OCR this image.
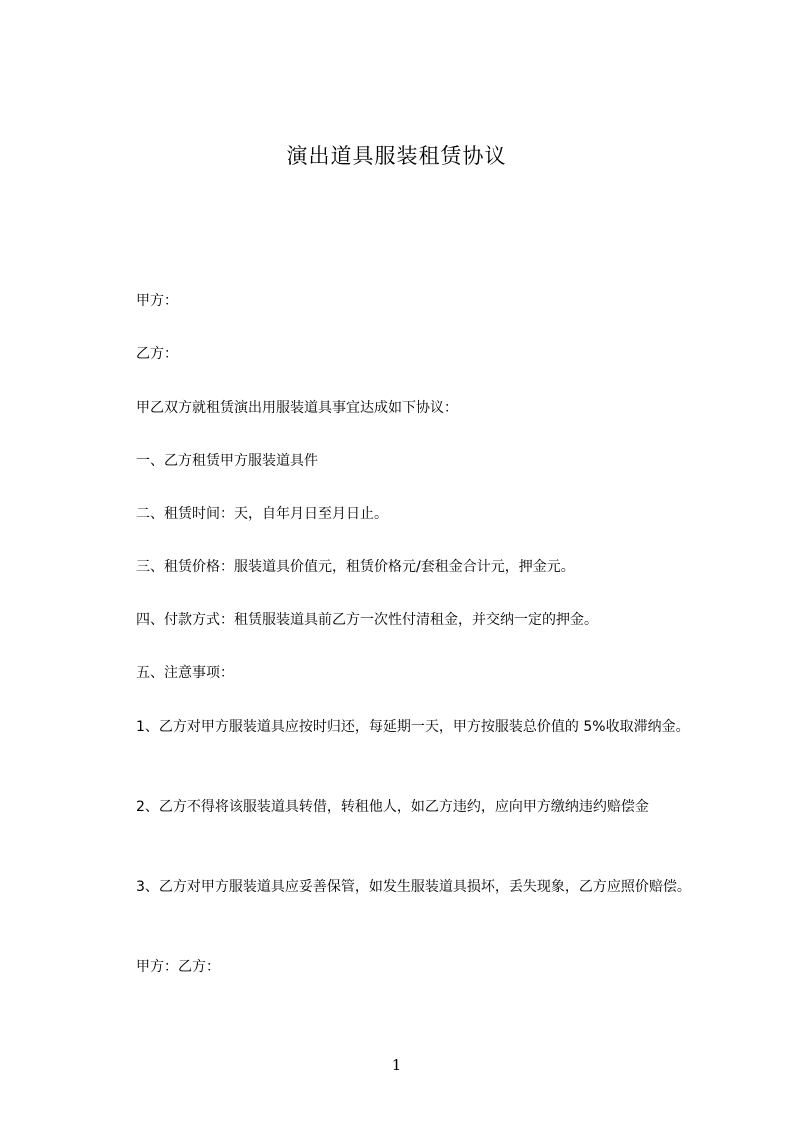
演出道具服装租赁协议

甲方：

乙方：

甲乙双方就租赁演出用服装道具事宜达成如下协议：

一、乙方租赁甲方服装道具件

二、租赁时间：天，自年月日至月日止。

三、租赁价格：服装道具价值元，租赁价格元/套租金合计元，押金元。

四、付款方式：租赁服装道具前乙方一次性付清租金，并交纳一定的押金。

五、注意事项：

1、乙方对甲方服装道具应按时归还，每延期一天，甲方按服装总价值的 5%收取滞纳金。

2、乙方不得将该服装道具转借，转租他人，如乙方违约，应向甲方缴纳违约赔偿金

3、乙方对甲方服装道具应妥善保管，如发生服装道具损坏，丢失现象，乙方应照价赔偿。

甲方：乙方：

1
